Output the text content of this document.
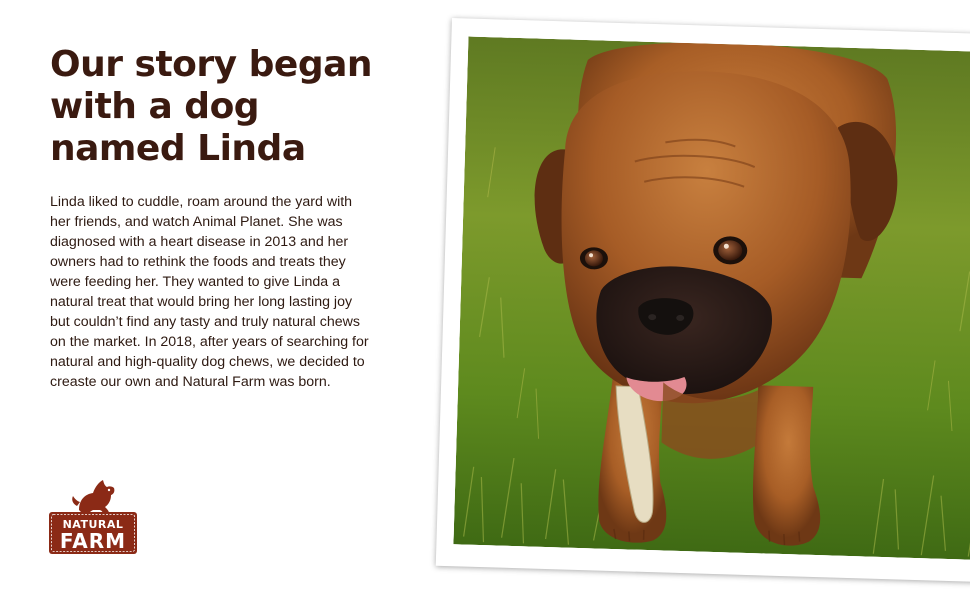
Our story began
with a dog
named Linda

Linda liked to cuddle, roam around the yard with
her friends, and watch Animal Planet. She was
diagnosed with a heart disease in 2013 and her
owners had to rethink the foods and treats they
were feeding her. They wanted to give Linda a
natural treat that would bring her long lasting joy
but couldn’t find any tasty and truly natural chews
on the market. In 2018, after years of searching for
natural and high-quality dog chews, we decided to
creaste our own and Natural Farm was born.

NATURAL
FARM
